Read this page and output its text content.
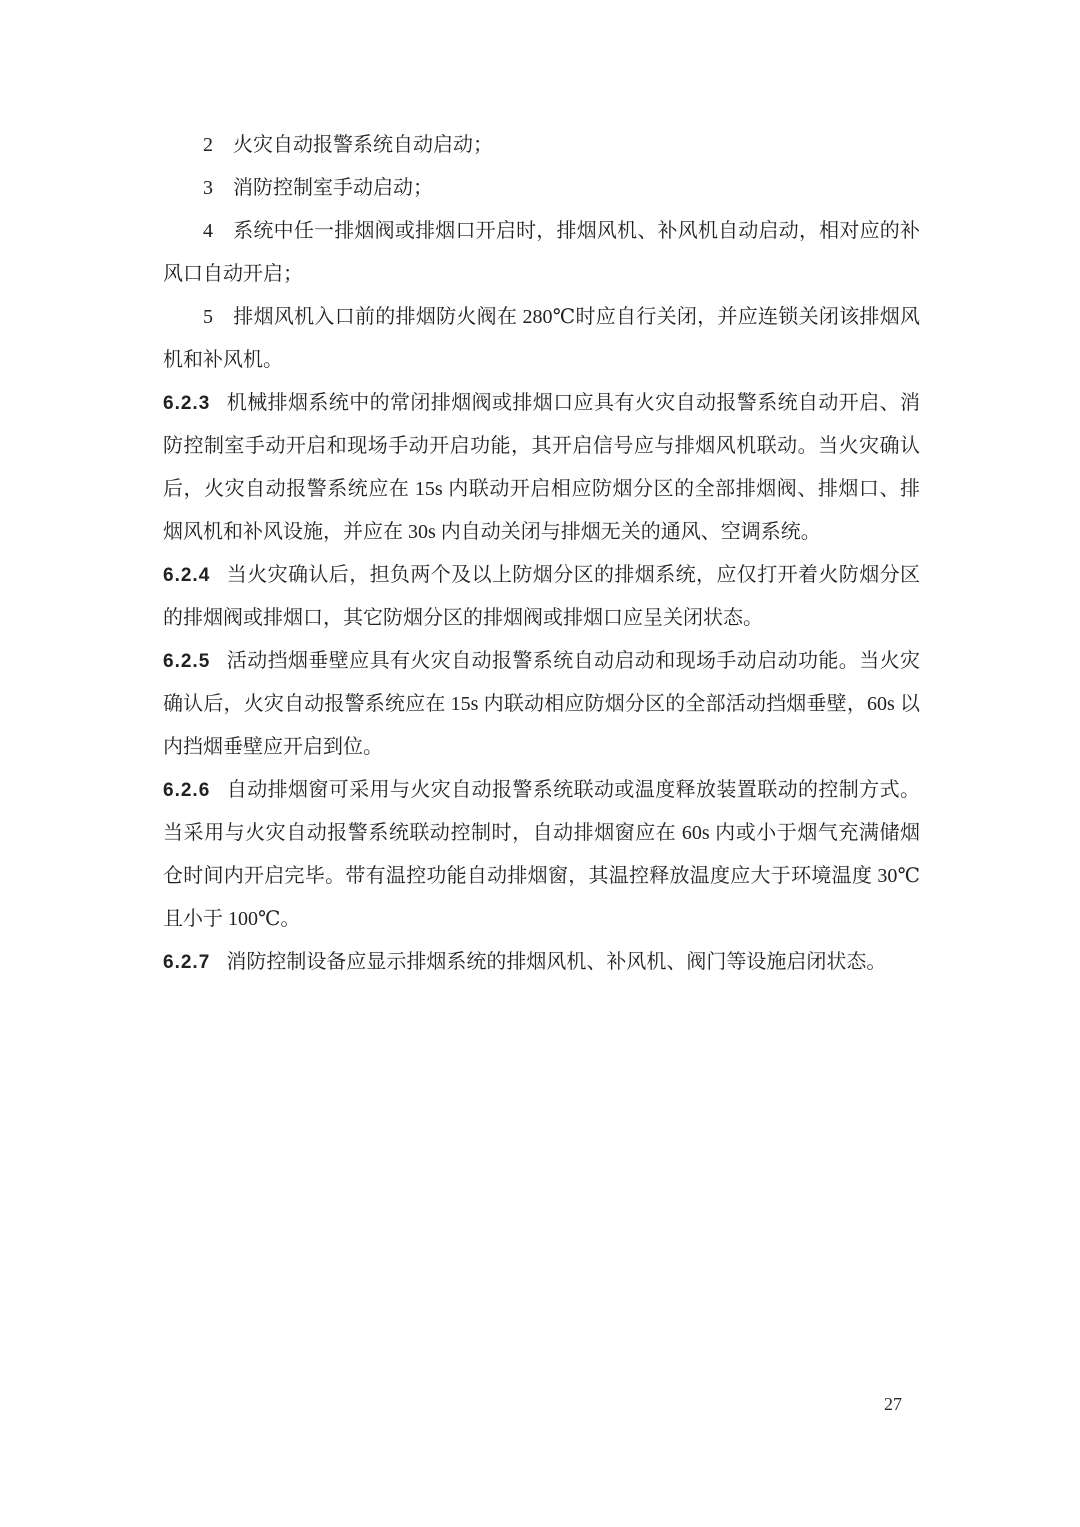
2 火灾自动报警系统自动启动；

3 消防控制室手动启动；

4 系统中任一排烟阀或排烟口开启时，排烟风机、补风机自动启动，相对应的补风口自动开启；

5 排烟风机入口前的排烟防火阀在 280℃时应自行关闭，并应连锁关闭该排烟风机和补风机。

6.2.3 机械排烟系统中的常闭排烟阀或排烟口应具有火灾自动报警系统自动开启、消防控制室手动开启和现场手动开启功能，其开启信号应与排烟风机联动。当火灾确认后，火灾自动报警系统应在 15s 内联动开启相应防烟分区的全部排烟阀、排烟口、排烟风机和补风设施，并应在 30s 内自动关闭与排烟无关的通风、空调系统。

6.2.4 当火灾确认后，担负两个及以上防烟分区的排烟系统，应仅打开着火防烟分区的排烟阀或排烟口，其它防烟分区的排烟阀或排烟口应呈关闭状态。

6.2.5 活动挡烟垂壁应具有火灾自动报警系统自动启动和现场手动启动功能。当火灾确认后，火灾自动报警系统应在 15s 内联动相应防烟分区的全部活动挡烟垂壁，60s 以内挡烟垂壁应开启到位。

6.2.6 自动排烟窗可采用与火灾自动报警系统联动或温度释放装置联动的控制方式。当采用与火灾自动报警系统联动控制时，自动排烟窗应在 60s 内或小于烟气充满储烟仓时间内开启完毕。带有温控功能自动排烟窗，其温控释放温度应大于环境温度 30℃且小于 100℃。

6.2.7 消防控制设备应显示排烟系统的排烟风机、补风机、阀门等设施启闭状态。

27
